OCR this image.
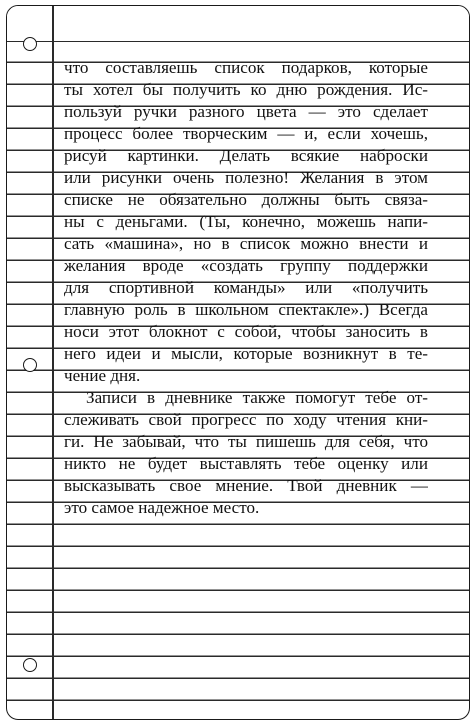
что составляешь список подарков, которые
ты хотел бы получить ко дню рождения. Ис-
пользуй ручки разного цвета — это сделает
процесс более творческим — и, если хочешь,
рисуй картинки. Делать всякие наброски
или рисунки очень полезно! Желания в этом
списке не обязательно должны быть связа-
ны с деньгами. (Ты, конечно, можешь напи-
сать «машина», но в список можно внести и
желания вроде «создать группу поддержки
для спортивной команды» или «получить
главную роль в школьном спектакле».) Всегда
носи этот блокнот с собой, чтобы заносить в
него идеи и мысли, которые возникнут в те-
чение дня.
Записи в дневнике также помогут тебе от-
слеживать свой прогресс по ходу чтения кни-
ги. Не забывай, что ты пишешь для себя, что
никто не будет выставлять тебе оценку или
высказывать свое мнение. Твой дневник —
это самое надежное место.
